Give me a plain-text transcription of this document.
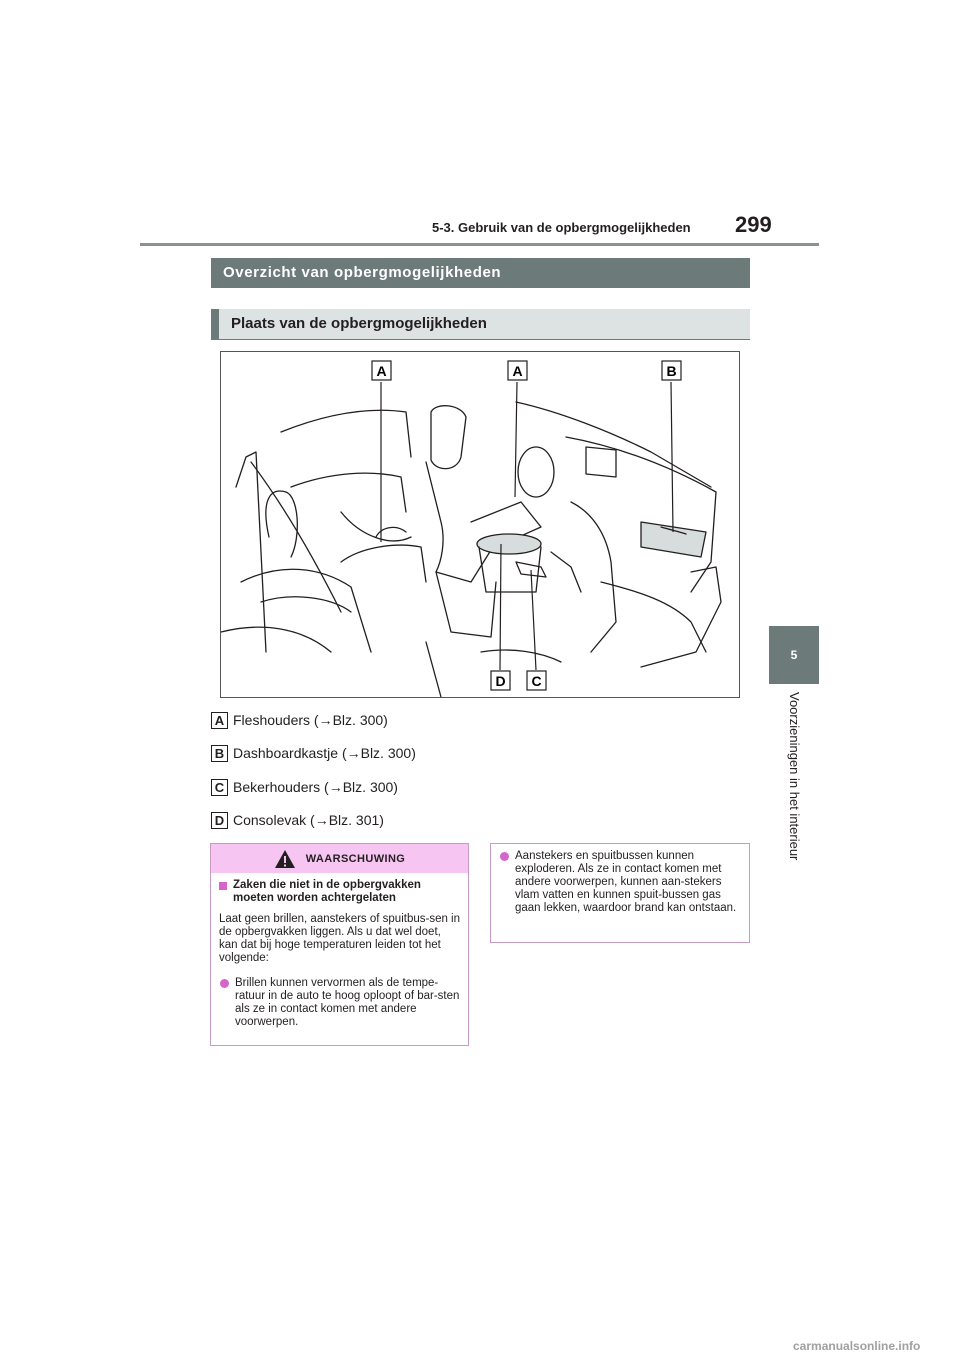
5-3. Gebruik van de opbergmogelijkheden 299
5
Voorzieningen in het interieur
Overzicht van opbergmogelijkheden
Plaats van de opbergmogelijkheden
A	A	B
D C
A Fleshouders (→Blz. 300)
B Dashboardkastje (→Blz. 300)
C Bekerhouders (→Blz. 300)
D Consolevak (→Blz. 301)
WAARSCHUWING
Zaken die niet in de opbergvakken moeten worden achtergelaten
Laat geen brillen, aanstekers of spuitbus-sen in de opbergvakken liggen. Als u dat wel doet, kan dat bij hoge temperaturen leiden tot het volgende:
Brillen kunnen vervormen als de tempe-ratuur in de auto te hoog oploopt of bar-sten als ze in contact komen met andere voorwerpen.
Aanstekers en spuitbussen kunnen exploderen. Als ze in contact komen met andere voorwerpen, kunnen aan-stekers vlam vatten en kunnen spuit-bussen gas gaan lekken, waardoor brand kan ontstaan.
carmanualsonline.info
